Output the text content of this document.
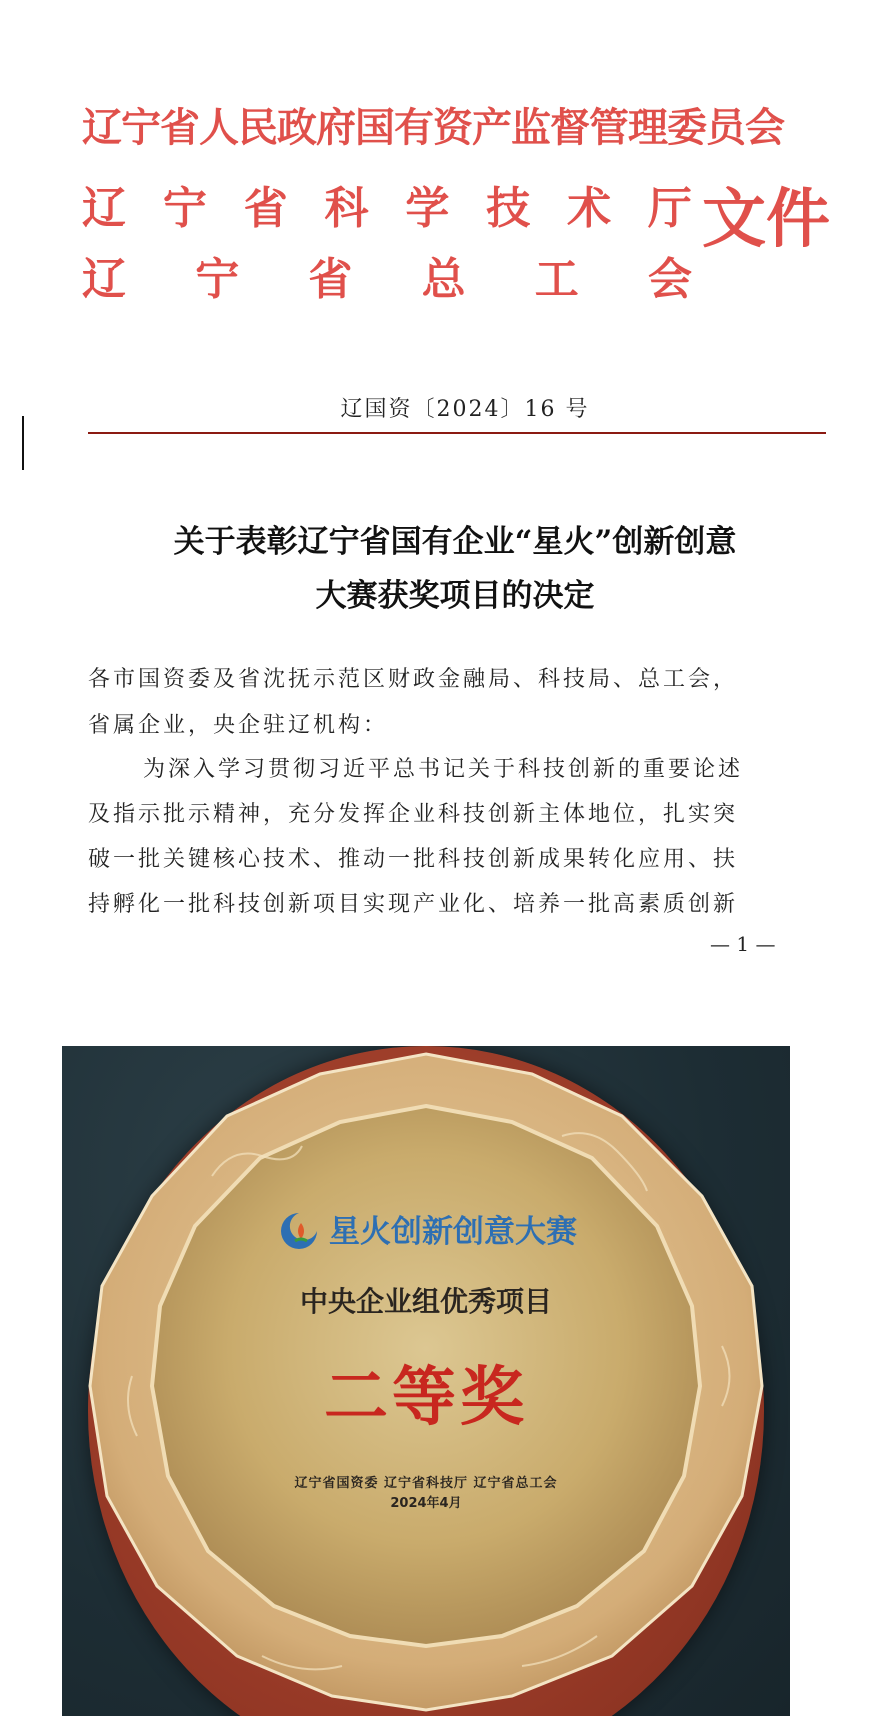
辽宁省人民政府国有资产监督管理委员会
辽 宁 省 科 学 技 术 厅
辽 宁 省 总 工 会
文件
辽国资〔2024〕16 号
关于表彰辽宁省国有企业“星火”创新创意
大赛获奖项目的决定
各市国资委及省沈抚示范区财政金融局、科技局、总工会，
省属企业，央企驻辽机构：
为深入学习贯彻习近平总书记关于科技创新的重要论述
及指示批示精神，充分发挥企业科技创新主体地位，扎实突
破一批关键核心技术、推动一批科技创新成果转化应用、扶
持孵化一批科技创新项目实现产业化、培养一批高素质创新
— 1 —
星火创新创意大赛
中央企业组优秀项目
二等奖
辽宁省国资委 辽宁省科技厅 辽宁省总工会
2024年4月
